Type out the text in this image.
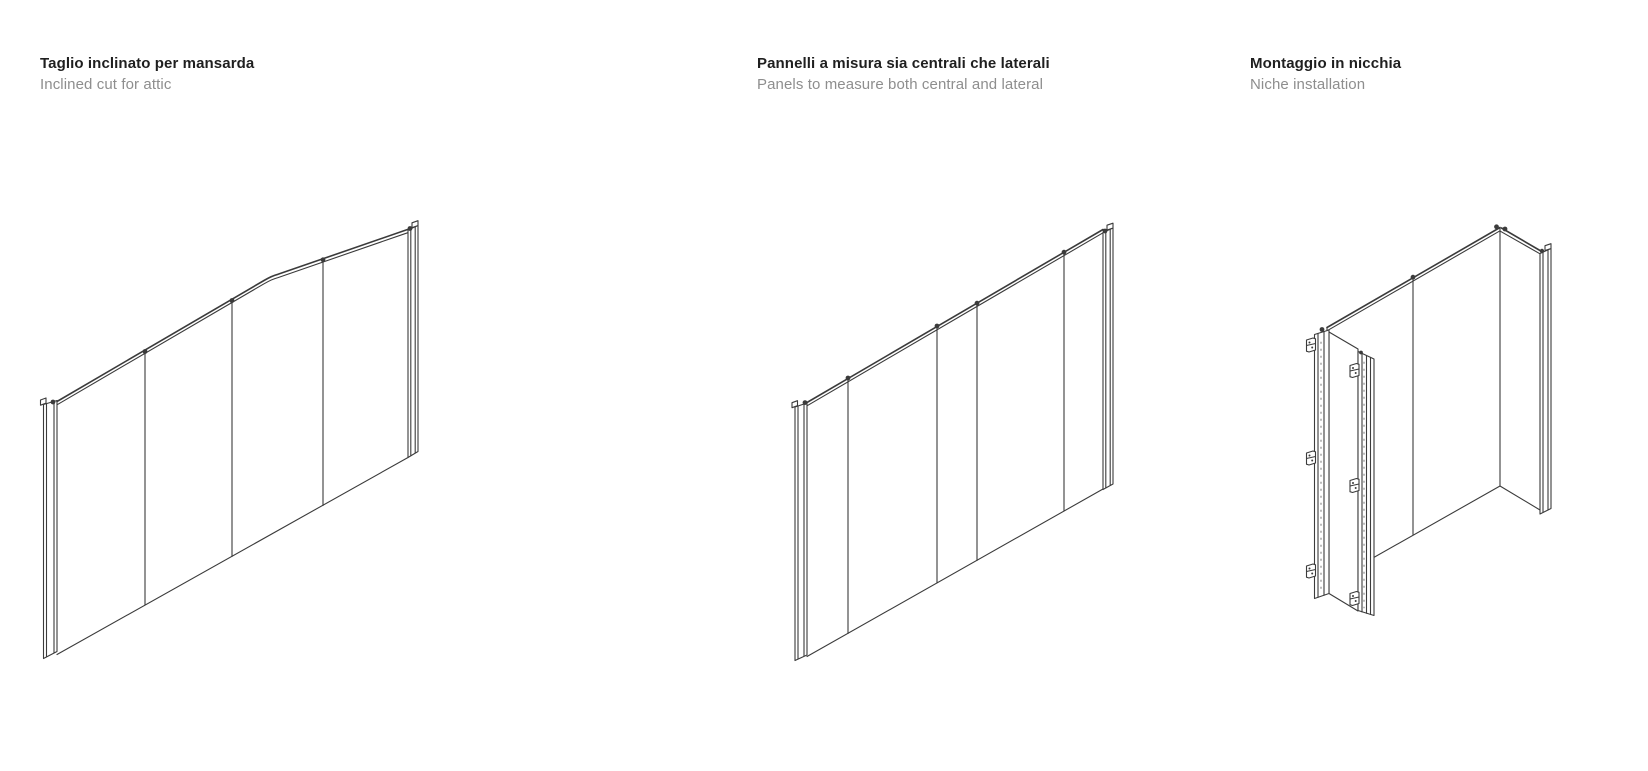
Taglio inclinato per mansarda

Inclined cut for attic

Pannelli a misura sia centrali che laterali

Panels to measure both central and lateral

Montaggio in nicchia

Niche installation
